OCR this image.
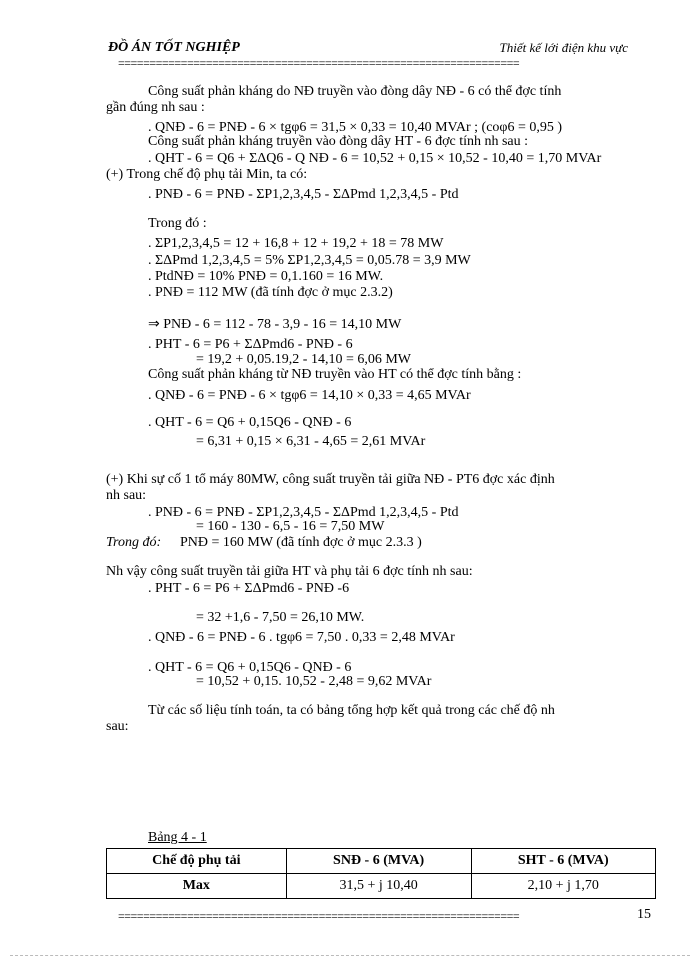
ĐỒ ÁN TỐT NGHIỆP	Thiết kế lới điện khu vực
================================================================
Công suất phản kháng do NĐ truyền vào đòng dây NĐ - 6 có thể đợc tính
gần đúng nh sau :
. QNĐ - 6 = PNĐ - 6 × tgφ6 = 31,5 × 0,33 = 10,40 MVAr ; (coφ6 = 0,95 )
Công suất phản kháng truyền vào đòng dây HT - 6 đợc tính nh sau :
. QHT - 6 = Q6 + ΣΔQ6 - Q NĐ - 6 = 10,52 + 0,15 × 10,52 - 10,40 = 1,70 MVAr
(+) Trong chế độ phụ tải Min, ta có:
. PNĐ - 6 = PNĐ - ΣP1,2,3,4,5 - ΣΔPmd 1,2,3,4,5 - Ptd
Trong đó :
. ΣP1,2,3,4,5 = 12 + 16,8 + 12 + 19,2 + 18 = 78 MW
. ΣΔPmd 1,2,3,4,5 = 5% ΣP1,2,3,4,5 = 0,05.78 = 3,9 MW
. PtdNĐ = 10% PNĐ = 0,1.160 = 16 MW.
. PNĐ = 112 MW (đã tính đợc ở mục 2.3.2)
⇒ PNĐ - 6 = 112 - 78 - 3,9 - 16 = 14,10 MW
. PHT - 6 = P6 + ΣΔPmd6 - PNĐ - 6
= 19,2 + 0,05.19,2 - 14,10 = 6,06 MW
Công suất phản kháng từ NĐ truyền vào HT có thể đợc tính bằng :
. QNĐ - 6 = PNĐ - 6 × tgφ6 = 14,10 × 0,33 = 4,65 MVAr
. QHT - 6 = Q6 + 0,15Q6 - QNĐ - 6
= 6,31 + 0,15 × 6,31 - 4,65 = 2,61 MVAr
(+) Khi sự cố 1 tổ máy 80MW, công suất truyền tải giữa NĐ - PT6 đợc xác định
nh sau:
. PNĐ - 6 = PNĐ - ΣP1,2,3,4,5 - ΣΔPmd 1,2,3,4,5 - Ptd
= 160 - 130 - 6,5 - 16 = 7,50 MW
Trong đó: PNĐ = 160 MW (đã tính đợc ở mục 2.3.3 )
Nh vậy công suất truyền tải giữa HT và phụ tải 6 đợc tính nh sau:
. PHT - 6 = P6 + ΣΔPmd6 - PNĐ -6
= 32 +1,6 - 7,50 = 26,10 MW.
. QNĐ - 6 = PNĐ - 6 . tgφ6 = 7,50 . 0,33 = 2,48 MVAr
. QHT - 6 = Q6 + 0,15Q6 - QNĐ - 6
= 10,52 + 0,15. 10,52 - 2,48 = 9,62 MVAr
Từ các số liệu tính toán, ta có bảng tổng hợp kết quả trong các chế độ nh
sau:
Bảng 4 - 1
Chế độ phụ tải	SNĐ - 6 (MVA)	SHT - 6 (MVA)
Max	31,5 + j 10,40	2,10 + j 1,70
================================================================	15
